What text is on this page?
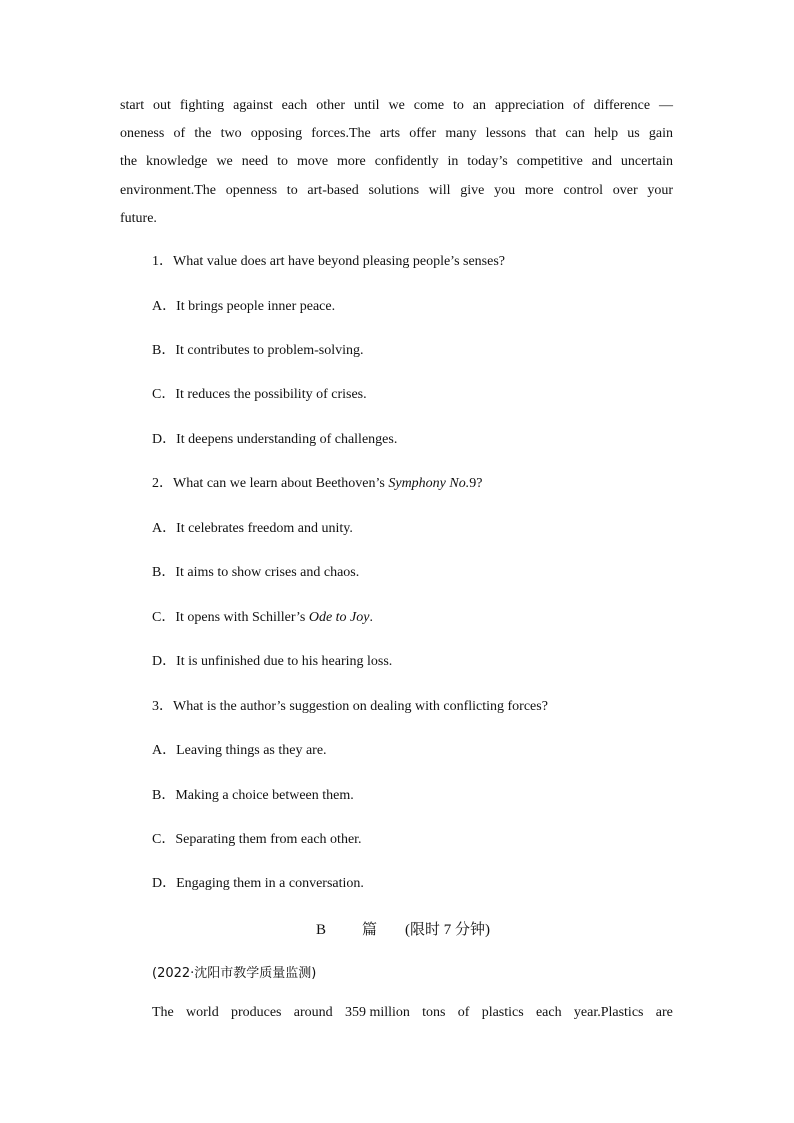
start out fighting against each other until we come to an appreciation of difference —
oneness of the two opposing forces.The arts offer many lessons that can help us gain
the knowledge we need to move more confidently in today’s competitive and uncertain
environment.The openness to art-based solutions will give you more control over your
future.
1．What value does art have beyond pleasing people’s senses?
A．It brings people inner peace.
B．It contributes to problem-solving.
C．It reduces the possibility of crises.
D．It deepens understanding of challenges.
2．What can we learn about Beethoven’s Symphony No.9?
A．It celebrates freedom and unity.
B．It aims to show crises and chaos.
C．It opens with Schiller’s Ode to Joy.
D．It is unfinished due to his hearing loss.
3．What is the author’s suggestion on dealing with conflicting forces?
A．Leaving things as they are.
B．Making a choice between them.
C．Separating them from each other.
D．Engaging them in a conversation.
B 篇 (限时 7 分钟)
(2022·沈阳市教学质量监测)
The world produces around 359 million tons of plastics each year.Plastics are
